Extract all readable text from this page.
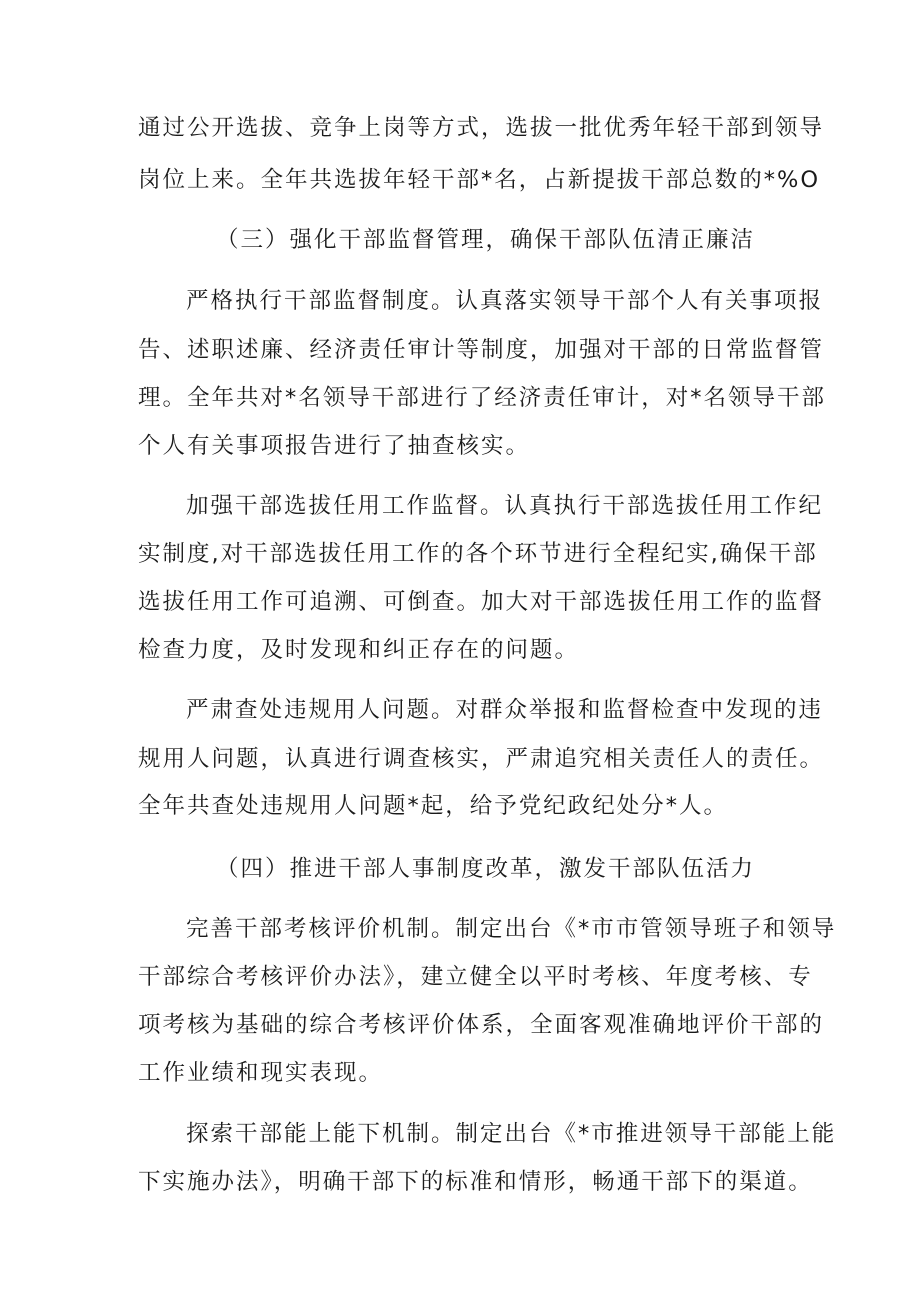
通过公开选拔、竞争上岗等方式，选拔一批优秀年轻干部到领导
岗位上来。全年共选拔年轻干部*名，占新提拔干部总数的*%O
（三）强化干部监督管理，确保干部队伍清正廉洁
严格执行干部监督制度。认真落实领导干部个人有关事项报
告、述职述廉、经济责任审计等制度，加强对干部的日常监督管
理。全年共对*名领导干部进行了经济责任审计，对*名领导干部
个人有关事项报告进行了抽查核实。
加强干部选拔任用工作监督。认真执行干部选拔任用工作纪
实制度,对干部选拔任用工作的各个环节进行全程纪实,确保干部
选拔任用工作可追溯、可倒查。加大对干部选拔任用工作的监督
检查力度，及时发现和纠正存在的问题。
严肃查处违规用人问题。对群众举报和监督检查中发现的违
规用人问题，认真进行调查核实，严肃追究相关责任人的责任。
全年共查处违规用人问题*起，给予党纪政纪处分*人。
（四）推进干部人事制度改革，激发干部队伍活力
完善干部考核评价机制。制定出台《*市市管领导班子和领导
干部综合考核评价办法》，建立健全以平时考核、年度考核、专
项考核为基础的综合考核评价体系，全面客观准确地评价干部的
工作业绩和现实表现。
探索干部能上能下机制。制定出台《*市推进领导干部能上能
下实施办法》，明确干部下的标准和情形，畅通干部下的渠道。
